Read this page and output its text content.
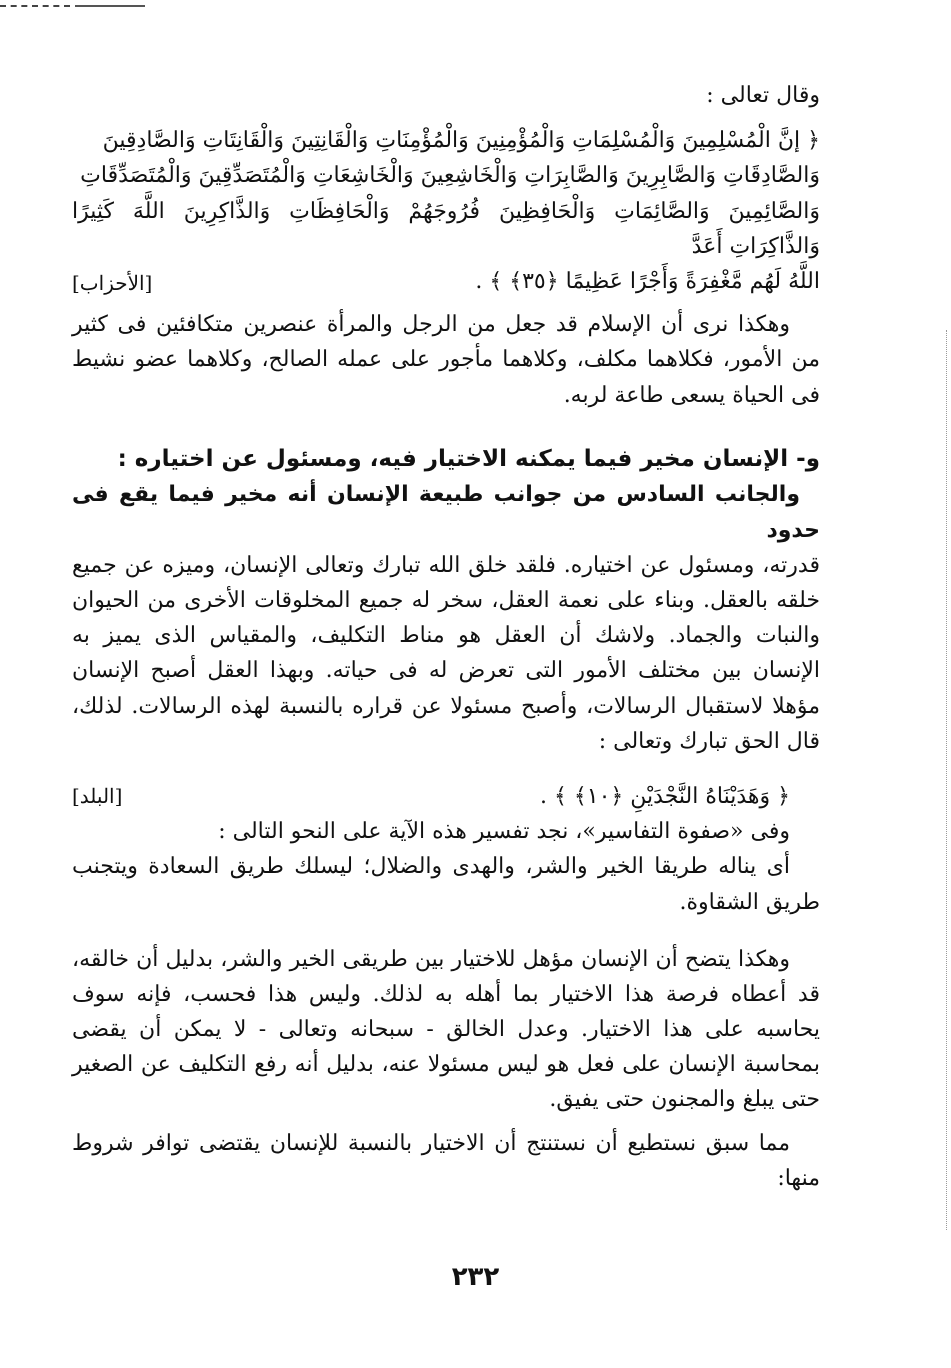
وقال تعالى :

﴿ إنَّ الْمُسْلِمِينَ وَالْمُسْلِمَاتِ وَالْمُؤْمِنِينَ وَالْمُؤْمِنَاتِ وَالْقَانِتِينَ وَالْقَانِتَاتِ وَالصَّادِقِينَ

وَالصَّادِقَاتِ وَالصَّابِرِينَ وَالصَّابِرَاتِ وَالْخَاشِعِينَ وَالْخَاشِعَاتِ وَالْمُتَصَدِّقِينَ وَالْمُتَصَدِّقَاتِ

وَالصَّائِمِينَ وَالصَّائِمَاتِ وَالْحَافِظِينَ فُرُوجَهُمْ وَالْحَافِظَاتِ وَالذَّاكِرِينَ اللَّهَ كَثِيرًا وَالذَّاكِرَاتِ أَعَدَّ

اللَّهُ لَهُم مَّغْفِرَةً وَأَجْرًا عَظِيمًا ﴿٣٥﴾ ﴾ .
[الأحزاب]

وهكذا نرى أن الإسلام قد جعل من الرجل والمرأة عنصرين متكافئين فى كثير من الأمور، فكلاهما مكلف، وكلاهما مأجور على عمله الصالح، وكلاهما عضو نشيط فى الحياة يسعى طاعة لربه.

و- الإنسان مخير فيما يمكنه الاختيار فيه، ومسئول عن اختياره :

والجانب السادس من جوانب طبيعة الإنسان أنه مخير فيما يقع فى حدود

قدرته، ومسئول عن اختياره. فلقد خلق الله تبارك وتعالى الإنسان، وميزه عن جميع خلقه بالعقل. وبناء على نعمة العقل، سخر له جميع المخلوقات الأخرى من الحيوان والنبات والجماد. ولاشك أن العقل هو مناط التكليف، والمقياس الذى يميز به الإنسان بين مختلف الأمور التى تعرض له فى حياته. وبهذا العقل أصبح الإنسان مؤهلا لاستقبال الرسالات، وأصبح مسئولا عن قراره بالنسبة لهذه الرسالات. لذلك، قال الحق تبارك وتعالى :

﴿ وَهَدَيْنَاهُ النَّجْدَيْنِ ﴿١٠﴾ ﴾ .
[البلد]

وفى «صفوة التفاسير»، نجد تفسير هذه الآية على النحو التالى :

أى يناله طريقا الخير والشر، والهدى والضلال؛ ليسلك طريق السعادة ويتجنب طريق الشقاوة.

وهكذا يتضح أن الإنسان مؤهل للاختيار بين طريقى الخير والشر، بدليل أن خالقه، قد أعطاه فرصة هذا الاختيار بما أهله به لذلك. وليس هذا فحسب، فإنه سوف يحاسبه على هذا الاختيار. وعدل الخالق - سبحانه وتعالى - لا يمكن أن يقضى بمحاسبة الإنسان على فعل هو ليس مسئولا عنه، بدليل أنه رفع التكليف عن الصغير حتى يبلغ والمجنون حتى يفيق.

مما سبق نستطيع أن نستنتج أن الاختيار بالنسبة للإنسان يقتضى توافر شروط منها:

٢٣٢
